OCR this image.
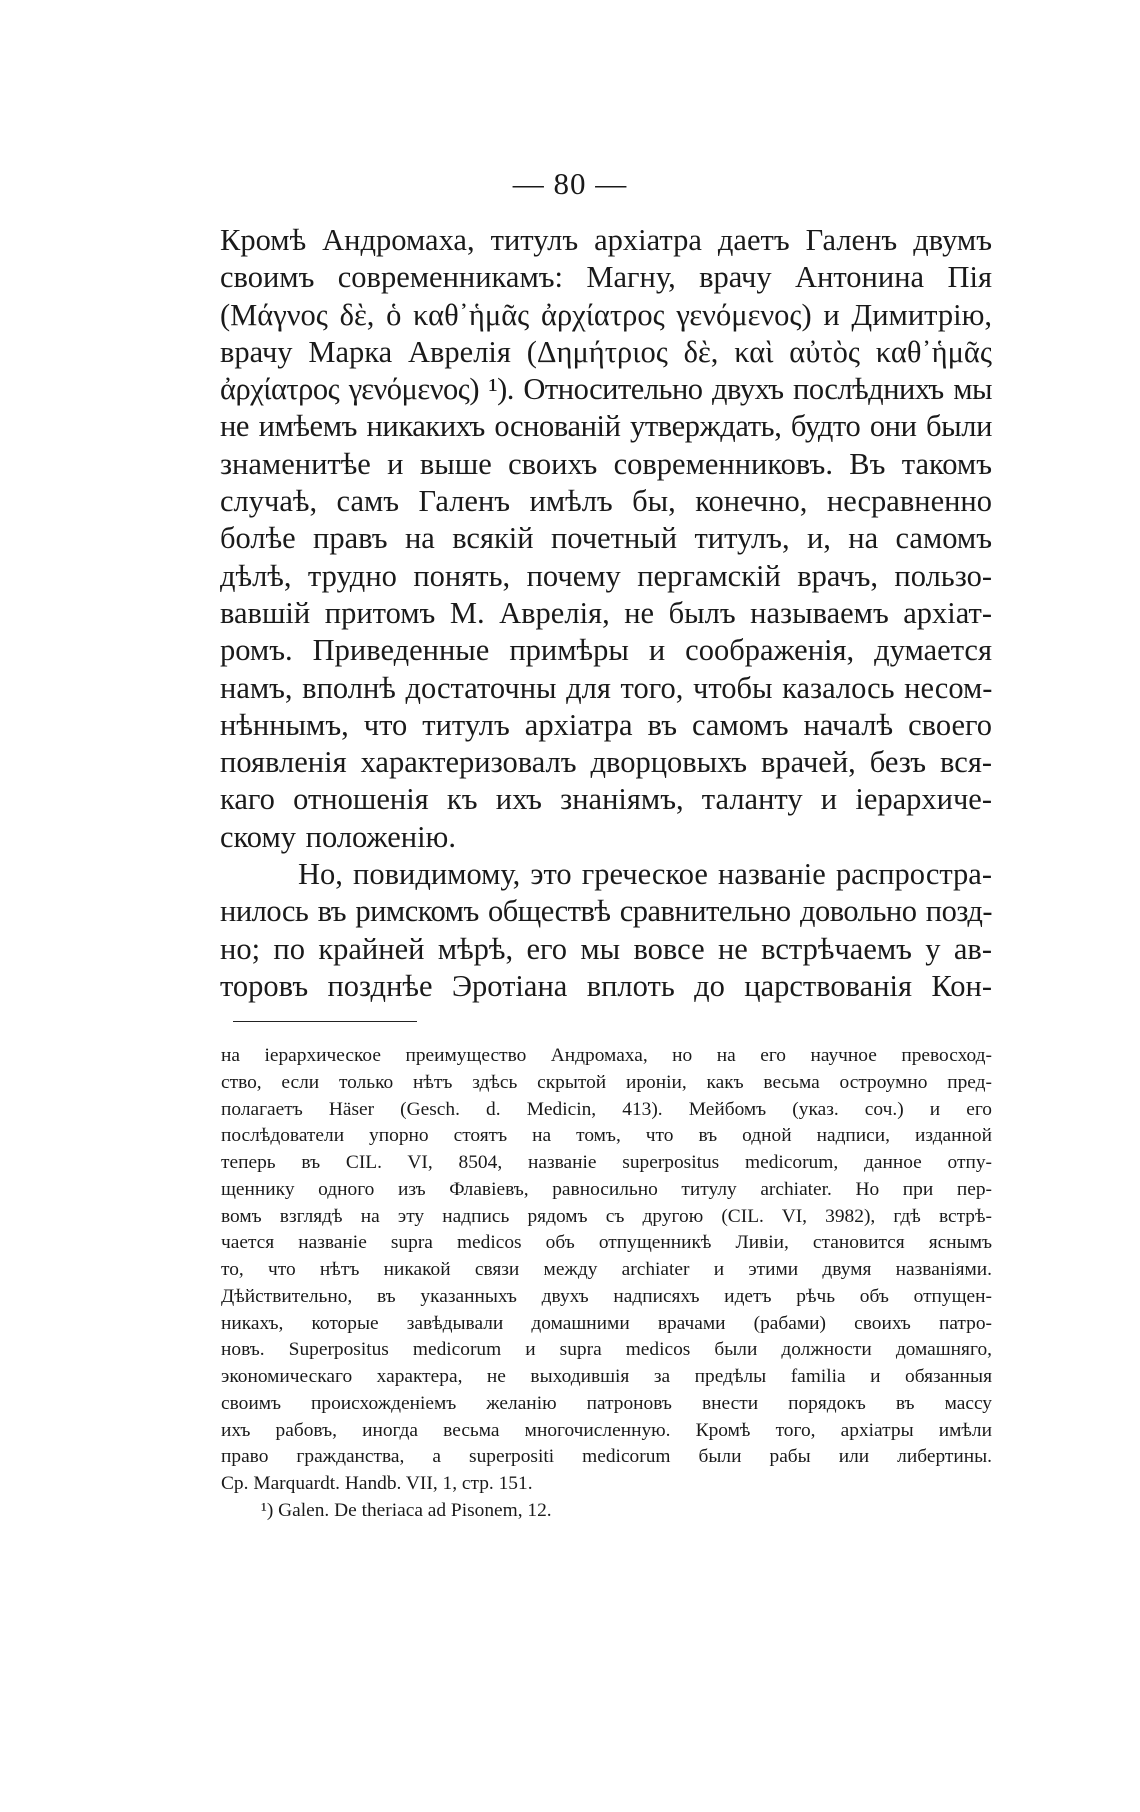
— 80 —
Кромѣ Андромаха, титулъ архіатра даетъ Галенъ двумъ
своимъ современникамъ: Магну, врачу Антонина Пія
(Μάγνος δὲ, ὁ καθ᾽ἡμᾶς ἀρχίατρος γενόμενος) и Димитрію,
врачу Марка Аврелія (Δημήτριος δὲ, καὶ αὐτὸς καθ᾽ἡμᾶς
ἀρχίατρος γενόμενος) ¹). Относительно двухъ послѣднихъ мы
не имѣемъ никакихъ основаній утверждать, будто они были
знаменитѣе и выше своихъ современниковъ. Въ такомъ
случаѣ, самъ Галенъ имѣлъ бы, конечно, несравненно
болѣе правъ на всякій почетный титулъ, и, на самомъ
дѣлѣ, трудно понять, почему пергамскій врачъ, пользо-
вавшій притомъ М. Аврелія, не былъ называемъ архіат-
ромъ. Приведенные примѣры и соображенія, думается
намъ, вполнѣ достаточны для того, чтобы казалось несом-
нѣннымъ, что титулъ архіатра въ самомъ началѣ своего
появленія характеризовалъ дворцовыхъ врачей, безъ вся-
каго отношенія къ ихъ знаніямъ, таланту и іерархиче-
скому положенію.
Но, повидимому, это греческое названіе распростра-
нилось въ римскомъ обществѣ сравнительно довольно позд-
но; по крайней мѣрѣ, его мы вовсе не встрѣчаемъ у ав-
торовъ позднѣе Эротіана вплоть до царствованія Кон-
на іерархическое преимущество Андромаха, но на его научное превосход-
ство, если только нѣтъ здѣсь скрытой ироніи, какъ весьма остроумно пред-
полагаетъ Häser (Gesch. d. Medicin, 413). Мейбомъ (указ. соч.) и его
послѣдователи упорно стоятъ на томъ, что въ одной надписи, изданной
теперь въ CIL. VI, 8504, названіе superpositus medicorum, данное отпу-
щеннику одного изъ Флавіевъ, равносильно титулу archiater. Но при пер-
вомъ взглядѣ на эту надпись рядомъ съ другою (CIL. VI, 3982), гдѣ встрѣ-
чается названіе supra medicos объ отпущенникѣ Ливіи, становится яснымъ
то, что нѣтъ никакой связи между archiater и этими двумя названіями.
Дѣйствительно, въ указанныхъ двухъ надписяхъ идетъ рѣчь объ отпущен-
никахъ, которые завѣдывали домашними врачами (рабами) своихъ патро-
новъ. Superpositus medicorum и supra medicos были должности домашняго,
экономическаго характера, не выходившія за предѣлы familia и обязанныя
своимъ происхожденіемъ желанію патроновъ внести порядокъ въ массу
ихъ рабовъ, иногда весьма многочисленную. Кромѣ того, архіатры имѣли
право гражданства, а superpositi medicorum были рабы или либертины.
Ср. Marquardt. Handb. VII, 1, стр. 151.
¹) Galen. De theriaca ad Pisonem, 12.
